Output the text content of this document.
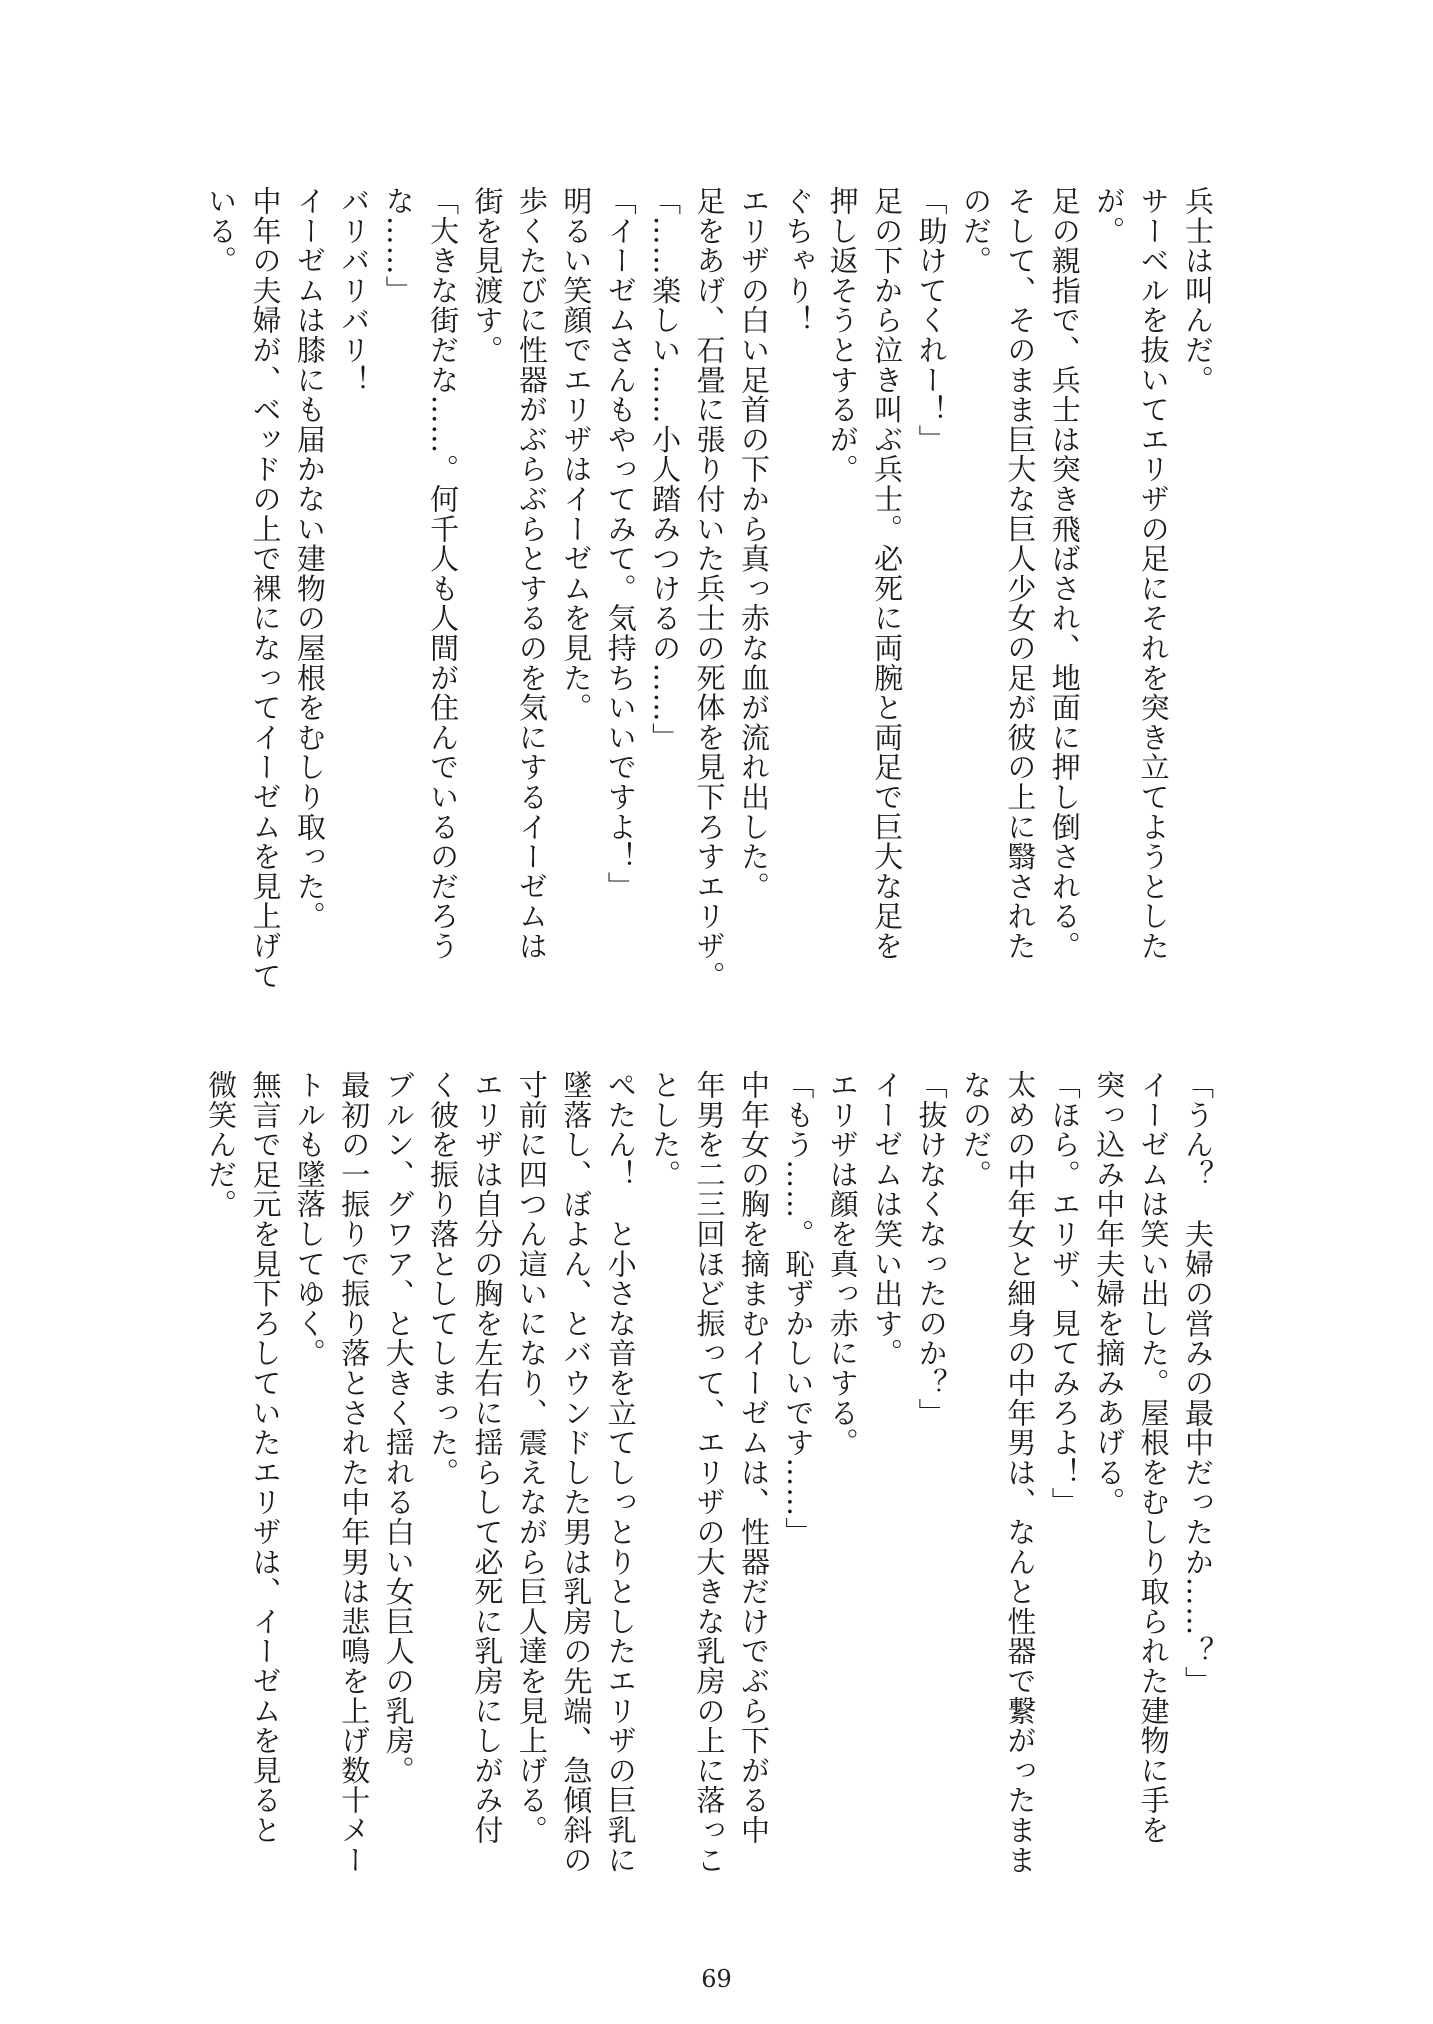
兵士は叫んだ。

サーベルを抜いてエリザの足にそれを突き立てようとした

が。

足の親指で、兵士は突き飛ばされ、地面に押し倒される。

そして、そのまま巨大な巨人少女の足が彼の上に翳された

のだ。

「助けてくれー！」

足の下から泣き叫ぶ兵士。必死に両腕と両足で巨大な足を

押し返そうとするが。

ぐちゃり！

エリザの白い足首の下から真っ赤な血が流れ出した。

足をあげ、石畳に張り付いた兵士の死体を見下ろすエリザ。

「……楽しい……小人踏みつけるの……」

「イーゼムさんもやってみて。気持ちいいですよ！」

明るい笑顔でエリザはイーゼムを見た。

歩くたびに性器がぶらぶらとするのを気にするイーゼムは

街を見渡す。

「大きな街だな……。何千人も人間が住んでいるのだろう

な……」

バリバリバリ！

イーゼムは膝にも届かない建物の屋根をむしり取った。

中年の夫婦が、ベッドの上で裸になってイーゼムを見上げて

いる。

「うん？　夫婦の営みの最中だったか……？」

イーゼムは笑い出した。屋根をむしり取られた建物に手を

突っ込み中年夫婦を摘みあげる。

「ほら。エリザ、見てみろよ！」

太めの中年女と細身の中年男は、なんと性器で繋がったまま

なのだ。

「抜けなくなったのか？」

イーゼムは笑い出す。

エリザは顔を真っ赤にする。

「もう……。恥ずかしいです……」

中年女の胸を摘まむイーゼムは、性器だけでぶら下がる中

年男を二三回ほど振って、エリザの大きな乳房の上に落っこ

とした。

ぺたん！　と小さな音を立てしっとりとしたエリザの巨乳に

墜落し、ぼよん、とバウンドした男は乳房の先端、急傾斜の

寸前に四つん這いになり、震えながら巨人達を見上げる。

エリザは自分の胸を左右に揺らして必死に乳房にしがみ付

く彼を振り落としてしまった。

ブルン、グワア、と大きく揺れる白い女巨人の乳房。

最初の一振りで振り落とされた中年男は悲鳴を上げ数十メー

トルも墜落してゆく。

無言で足元を見下ろしていたエリザは、イーゼムを見ると

微笑んだ。

69
